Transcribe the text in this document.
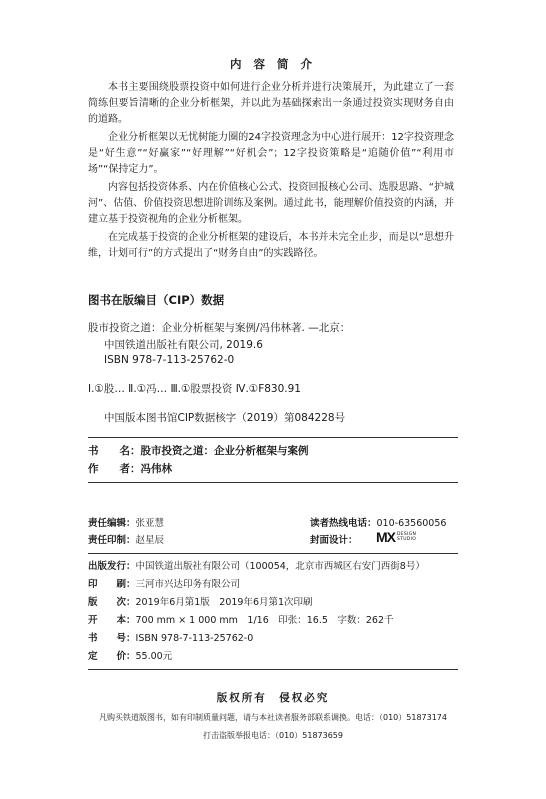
内 容 简 介

本书主要围绕股票投资中如何进行企业分析并进行决策展开，为此建立了一套简练但要旨清晰的企业分析框架，并以此为基础探索出一条通过投资实现财务自由的道路。

企业分析框架以无忧树能力圈的24字投资理念为中心进行展开：12字投资理念是“好生意”“好赢家”“好理解”“好机会”；12字投资策略是“追随价值”“利用市场”“保持定力”。

内容包括投资体系、内在价值核心公式、投资回报核心公司、选股思路、“护城河”、估值、价值投资思想进阶训练及案例。通过此书，能理解价值投资的内涵，并建立基于投资视角的企业分析框架。

在完成基于投资的企业分析框架的建设后，本书并未完全止步，而是以“思想升维，计划可行”的方式提出了“财务自由”的实践路径。

图书在版编目（CIP）数据
股市投资之道：企业分析框架与案例/冯伟林著. —北京：
中国铁道出版社有限公司, 2019.6
ISBN 978-7-113-25762-0
Ⅰ.①股… Ⅱ.①冯… Ⅲ.①股票投资 Ⅳ.①F830.91
中国版本图书馆CIP数据核字（2019）第084228号
书　　名：股市投资之道：企业分析框架与案例
作　　者：冯伟林
责任编辑：张亚慧	读者热线电话：010-63560056
责任印制：赵星辰	封面设计： MX DESIGN
STUDIO
出版发行：中国铁道出版社有限公司（100054，北京市西城区右安门西街8号）
印　　刷：三河市兴达印务有限公司
版　　次：2019年6月第1版　2019年6月第1次印刷
开　　本：700 mm × 1 000 mm　1/16　印张：16.5　字数：262千
书　　号：ISBN 978-7-113-25762-0
定　　价：55.00元
版权所有　侵权必究
凡购买铁道版图书，如有印制质量问题，请与本社读者服务部联系调换。电话：（010）51873174
打击盗版举报电话：（010）51873659
